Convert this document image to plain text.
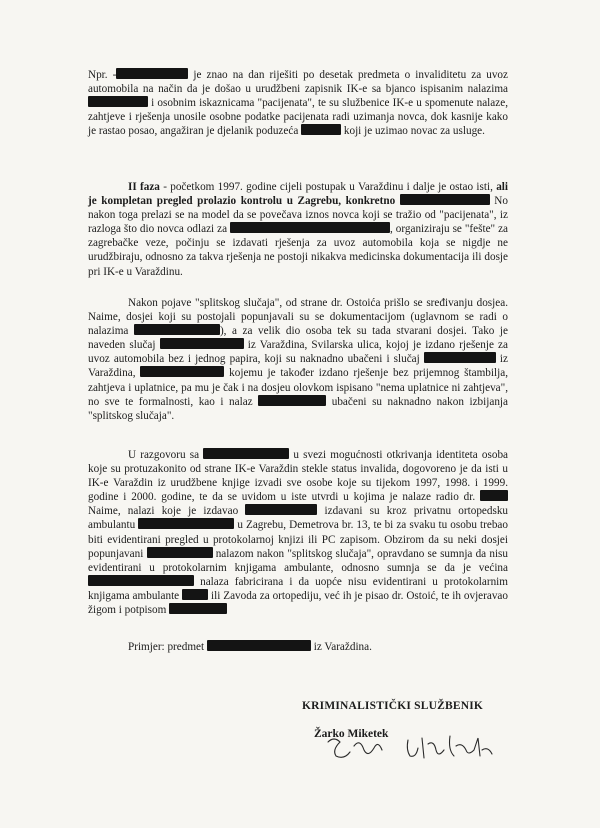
Npr. -	je znao na dan riješiti po desetak predmeta o invaliditetu za uvoz automobila na način da je došao u urudžbeni zapisnik IK-e sa bjanco ispisanim nalazima  i osobnim iskaznicama "pacijenata", te su službenice IK-e u spomenute nalaze, zahtjeve i rješenja unosile osobne podatke pacijenata radi uzimanja novca, dok kasnije kako je rastao posao, angažiran je djelanik poduzeća	koji je uzimao novac za usluge.
II faza - početkom 1997. godine cijeli postupak u Varaždinu i dalje je ostao isti, ali je kompletan pregled prolazio kontrolu u Zagrebu, konkretno	No nakon toga prelazi se na model da se povečava iznos novca koji se tražio od "pacijenata", iz razloga što dio novca odlazi za	, organiziraju se "fešte" za zagrebačke veze, počinju se izdavati rješenja za uvoz automobila koja se nigdje ne urudžbiraju, odnosno za takva rješenja ne postoji nikakva medicinska dokumentacija ili dosje pri IK-e u Varaždinu.
Nakon pojave "splitskog slučaja", od strane dr. Ostoića prišlo se sređivanju dosjea. Naime, dosjei koji su postojali popunjavali su se dokumentacijom (uglavnom se radi o nalazima	), a za velik dio osoba tek su tada stvarani dosjei. Tako je naveden slučaj	iz Varaždina, Svilarska ulica, kojoj je izdano rješenje za uvoz automobila bez i jednog papira, koji su naknadno ubačeni i slučaj	iz Varaždina,	kojemu je također izdano rješenje bez prijemnog štambilja, zahtjeva i uplatnice, pa mu je čak i na dosjeu olovkom ispisano "nema uplatnice ni zahtjeva", no sve te formalnosti, kao i nalaz	ubačeni su naknadno nakon izbijanja "splitskog slučaja".
U razgovoru sa	u svezi mogućnosti otkrivanja identiteta osoba koje su protuzakonito od strane IK-e Varaždin stekle status invalida, dogovoreno je da isti u IK-e Varaždin iz urudžbene knjige izvadi sve osobe koje su tijekom 1997, 1998. i 1999. godine i 2000. godine, te da se uvidom u iste utvrdi u kojima je nalaze radio dr.  Naime, nalazi koje je izdavao	izdavani su kroz privatnu ortopedsku ambulantu	u Zagrebu, Demetrova br. 13, te bi za svaku tu osobu trebao biti evidentirani pregled u protokolarnoj knjizi ili PC zapisom. Obzirom da su neki dosjei popunjavani	nalazom nakon "splitskog slučaja", opravdano se sumnja da nisu evidentirani u protokolarnim knjigama ambulante, odnosno sumnja se da je većina  nalaza fabricirana i da uopće nisu evidentirani u protokolarnim knjigama ambulante  ili Zavoda za ortopediju, već ih je pisao dr. Ostoić, te ih ovjeravao žigom i potpisom
Primjer: predmet	iz Varaždina.
KRIMINALISTIČKI SLUŽBENIK
Žarko Miketek
